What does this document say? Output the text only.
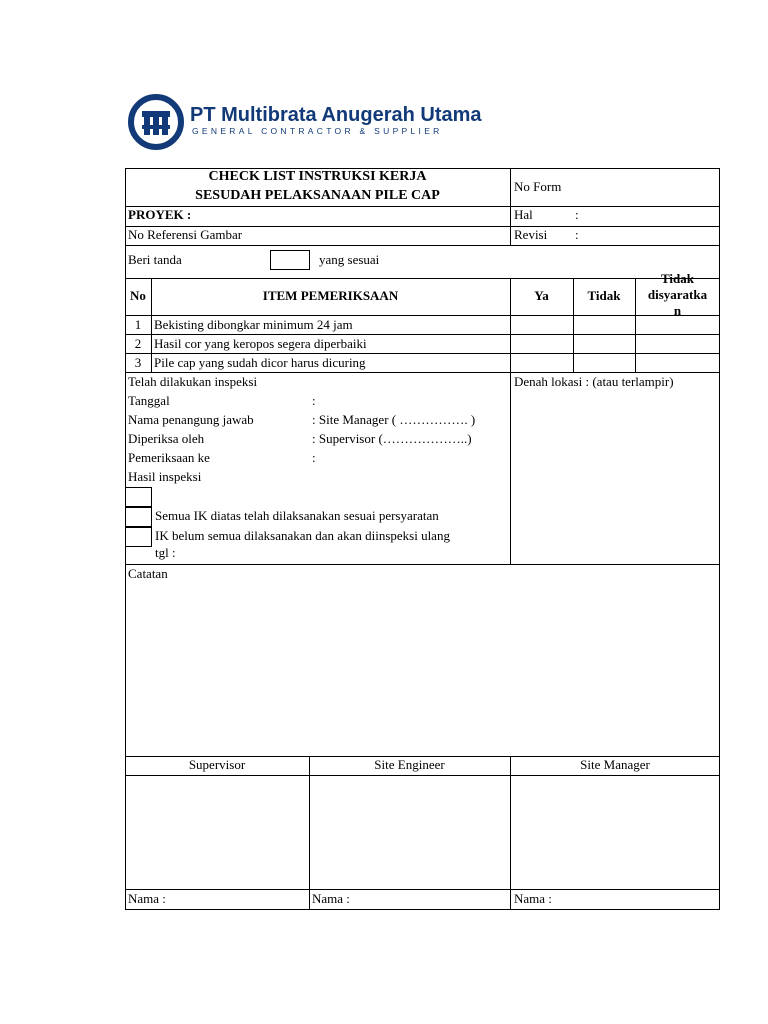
PT Multibrata Anugerah Utama
GENERAL CONTRACTOR & SUPPLIER
CHECK LIST INSTRUKSI KERJA
SESUDAH PELAKSANAAN PILE CAP
No Form
PROYEK :	Hal	:
No Referensi Gambar	Revisi :
Beri tanda	yang sesuai
No	ITEM PEMERIKSAAN	Ya	Tidak
Tidak
disyaratka
n
1 Bekisting dibongkar minimum 24 jam
2 Hasil cor yang keropos segera diperbaiki
3 Pile cap yang sudah dicor harus dicuring
Telah dilakukan inspeksi
Tanggal	:
Nama penangung jawab	: Site Manager ( ……………. )
Diperiksa oleh	: Supervisor (………………..)
Pemeriksaan ke	:
Hasil inspeksi
Semua IK diatas telah dilaksanakan sesuai persyaratan
IK belum semua dilaksanakan dan akan diinspeksi ulang
tgl :
Denah lokasi : (atau terlampir)
Catatan
Supervisor	Site Engineer	Site Manager
Nama :	Nama :	Nama :
